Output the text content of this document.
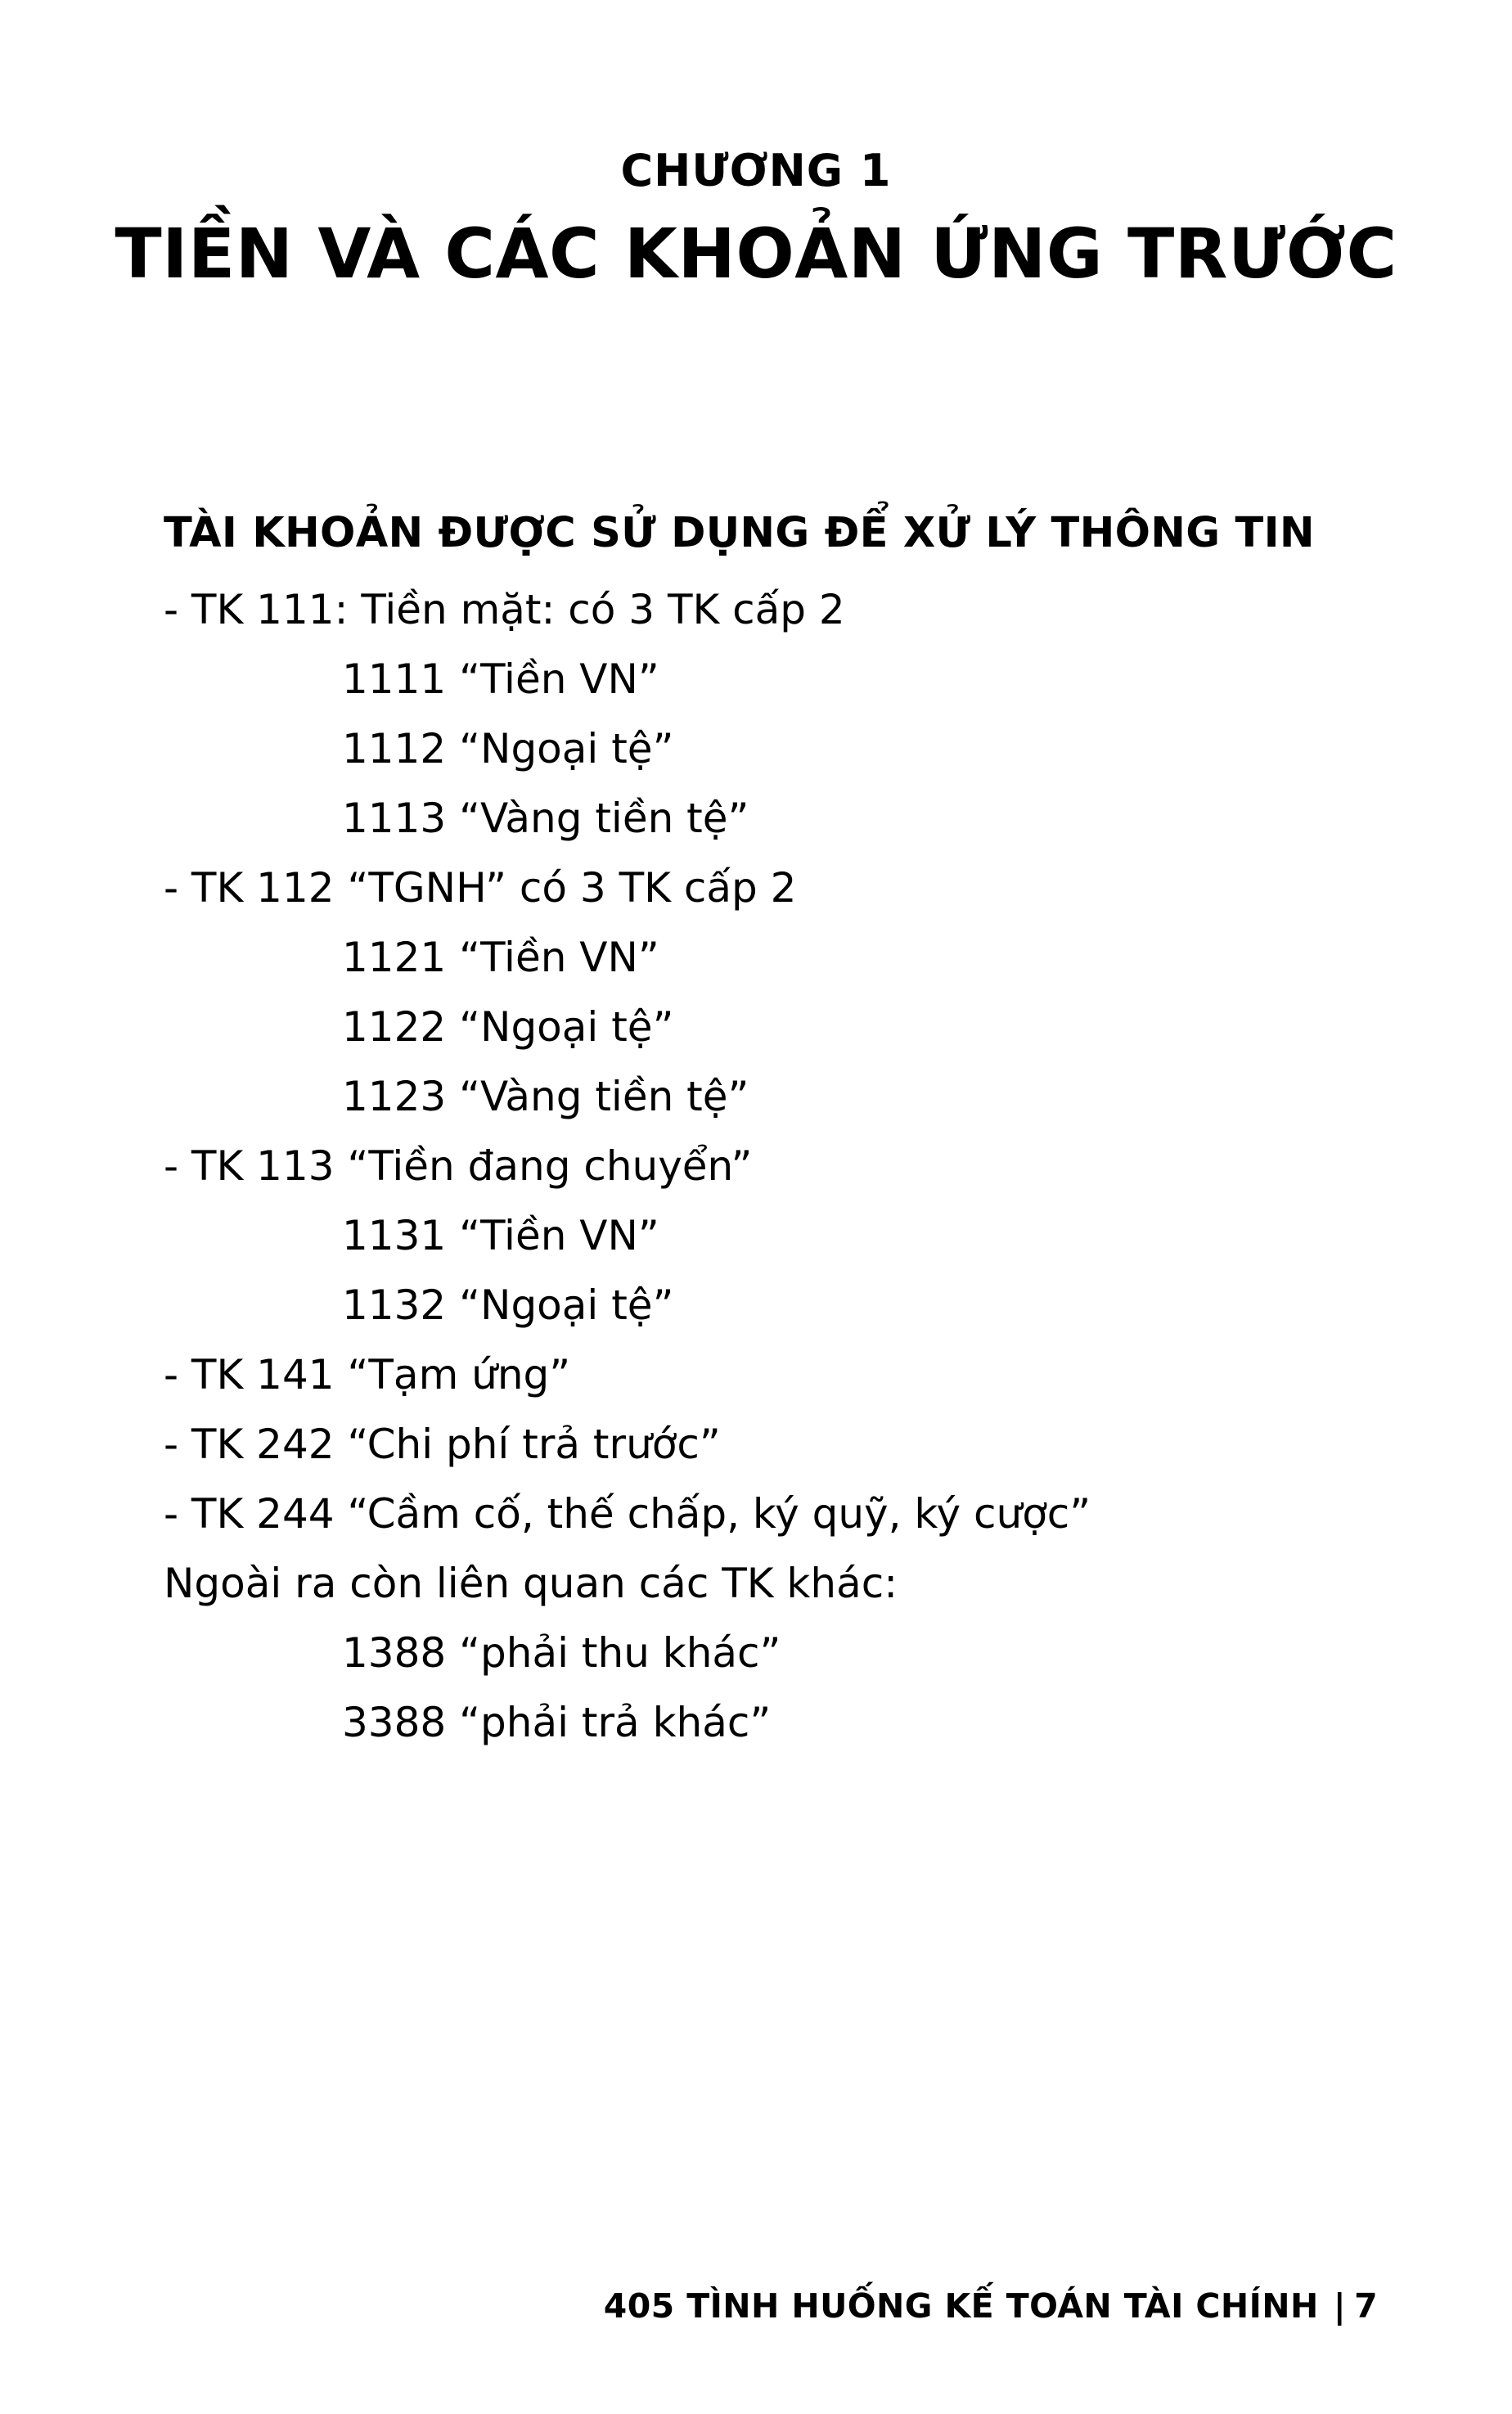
CHƯƠNG 1
TIỀN VÀ CÁC KHOẢN ỨNG TRƯỚC
TÀI KHOẢN ĐƯỢC SỬ DỤNG ĐỂ XỬ LÝ THÔNG TIN
- TK 111: Tiền mặt: có 3 TK cấp 2
1111 “Tiền VN”
1112 “Ngoại tệ”
1113 “Vàng tiền tệ”
- TK 112 “TGNH” có 3 TK cấp 2
1121 “Tiền VN”
1122 “Ngoại tệ”
1123 “Vàng tiền tệ”
- TK 113 “Tiền đang chuyển”
1131 “Tiền VN”
1132 “Ngoại tệ”
- TK 141 “Tạm ứng”
- TK 242 “Chi phí trả trước”
- TK 244 “Cầm cố, thế chấp, ký quỹ, ký cược”
Ngoài ra còn liên quan các TK khác:
1388 “phải thu khác”
3388 “phải trả khác”
405 TÌNH HUỐNG KẾ TOÁN TÀI CHÍNH | 7
